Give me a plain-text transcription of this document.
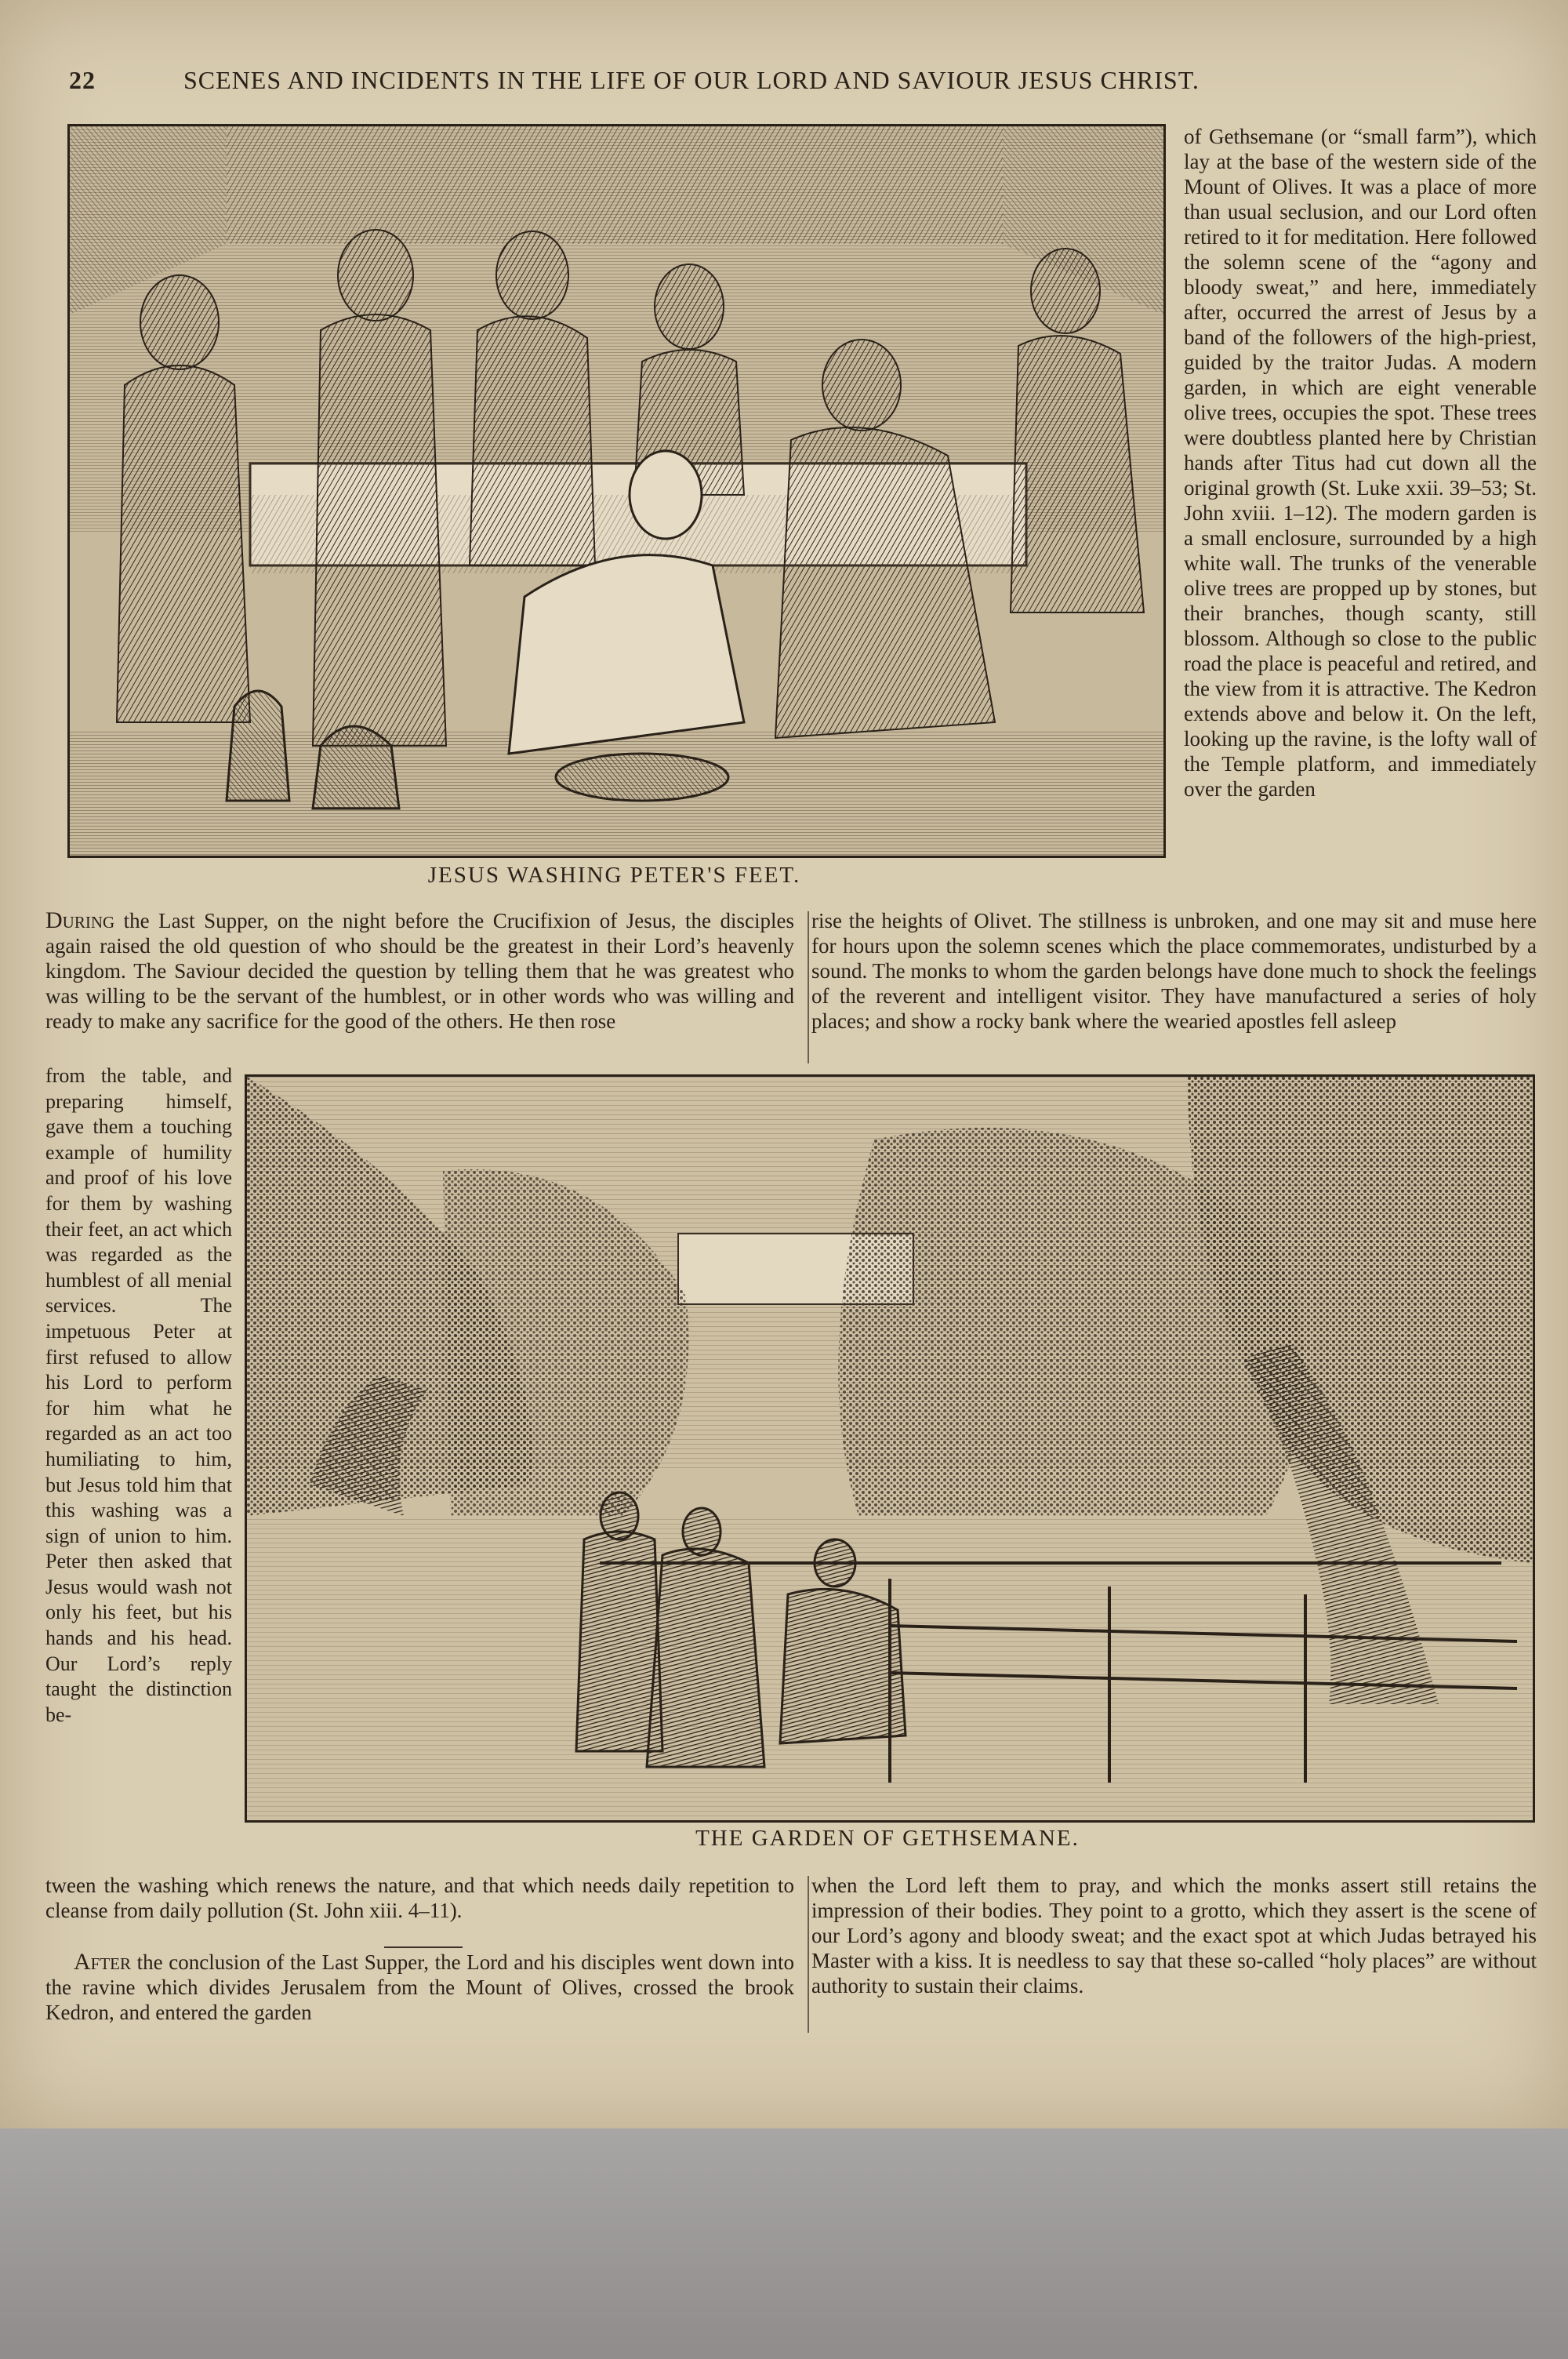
22	SCENES AND INCIDENTS IN THE LIFE OF OUR LORD AND SAVIOUR JESUS CHRIST.
JESUS WASHING PETER'S FEET.

of Gethsemane (or “small farm”), which lay at the base of the western side of the Mount of Olives. It was a place of more than usual seclusion, and our Lord often retired to it for meditation. Here followed the solemn scene of the “agony and bloody sweat,” and here, immediately after, occurred the arrest of Jesus by a band of the followers of the high-priest, guided by the traitor Judas. A modern garden, in which are eight venerable olive trees, occupies the spot. These trees were doubtless planted here by Christian hands after Titus had cut down all the original growth (St. Luke xxii. 39–53; St. John xviii. 1–12). The modern garden is a small enclosure, surrounded by a high white wall. The trunks of the venerable olive trees are propped up by stones, but their branches, though scanty, still blossom. Although so close to the public road the place is peaceful and retired, and the view from it is attractive. The Kedron extends above and below it. On the left, looking up the ravine, is the lofty wall of the Temple platform, and immediately over the garden

During the Last Supper, on the night before the Crucifixion of Jesus, the disciples again raised the old question of who should be the greatest in their Lord’s heavenly kingdom. The Saviour decided the question by telling them that he was greatest who was willing to be the servant of the humblest, or in other words who was willing and ready to make any sacrifice for the good of the others. He then rose

rise the heights of Olivet. The stillness is unbroken, and one may sit and muse here for hours upon the solemn scenes which the place commemorates, undisturbed by a sound. The monks to whom the garden belongs have done much to shock the feelings of the reverent and intelligent visitor. They have manufactured a series of holy places; and show a rocky bank where the wearied apostles fell asleep

THE GARDEN OF GETHSEMANE.

from the table, and preparing himself, gave them a touching example of humility and proof of his love for them by washing their feet, an act which was regarded as the humblest of all menial services. The impetuous Peter at first refused to allow his Lord to perform for him what he regarded as an act too humiliating to him, but Jesus told him that this washing was a sign of union to him. Peter then asked that Jesus would wash not only his feet, but his hands and his head. Our Lord’s reply taught the distinction be-

tween the washing which renews the nature, and that which needs daily repetition to cleanse from daily pollution (St. John xiii. 4–11).

After the conclusion of the Last Supper, the Lord and his disciples went down into the ravine which divides Jerusalem from the Mount of Olives, crossed the brook Kedron, and entered the garden

when the Lord left them to pray, and which the monks assert still retains the impression of their bodies. They point to a grotto, which they assert is the scene of our Lord’s agony and bloody sweat; and the exact spot at which Judas betrayed his Master with a kiss. It is needless to say that these so-called “holy places” are without authority to sustain their claims.
